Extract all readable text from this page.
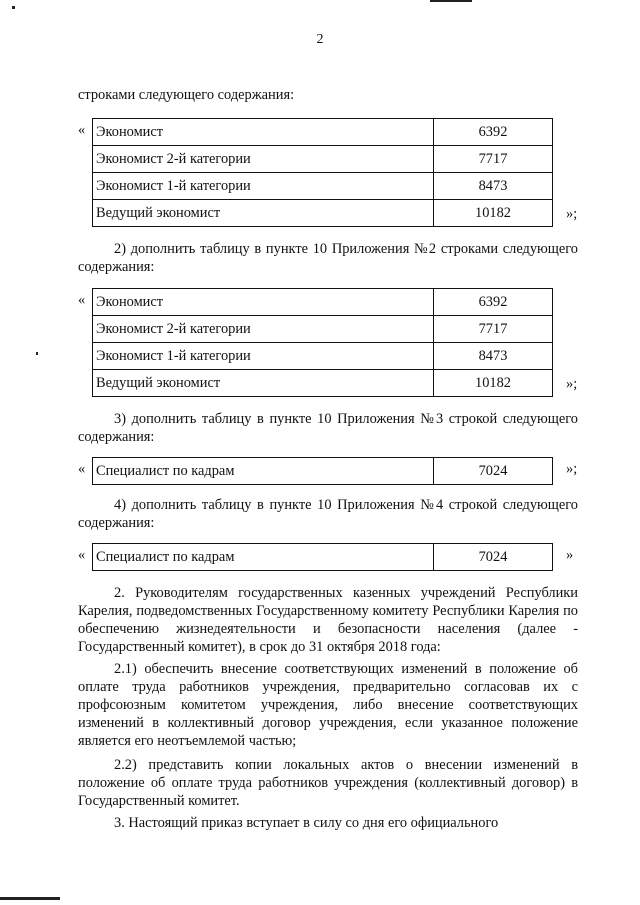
2
строками следующего содержания:
« Экономист	6392
Экономист 2-й категории	7717
Экономист 1-й категории	8473
Ведущий экономист	10182	»;
2) дополнить таблицу в пункте 10 Приложения №2 строками следующего содержания:
« Экономист	6392
Экономист 2-й категории	7717
Экономист 1-й категории	8473
Ведущий экономист	10182	»;
3) дополнить таблицу в пункте 10 Приложения №3 строкой следующего содержания:
« Специалист по кадрам	7024	»;
4) дополнить таблицу в пункте 10 Приложения №4 строкой следующего содержания:
« Специалист по кадрам	7024	»
2. Руководителям государственных казенных учреждений Республики Карелия, подведомственных Государственному комитету Республики Карелия по обеспечению жизнедеятельности и безопасности населения (далее - Государственный комитет), в срок до 31 октября 2018 года:
2.1) обеспечить внесение соответствующих изменений в положение об оплате труда работников учреждения, предварительно согласовав их с профсоюзным комитетом учреждения, либо внесение соответствующих изменений в коллективный договор учреждения, если указанное положение является его неотъемлемой частью;
2.2) представить копии локальных актов о внесении изменений в положение об оплате труда работников учреждения (коллективный договор) в Государственный комитет.
3. Настоящий приказ вступает в силу со дня его официального
